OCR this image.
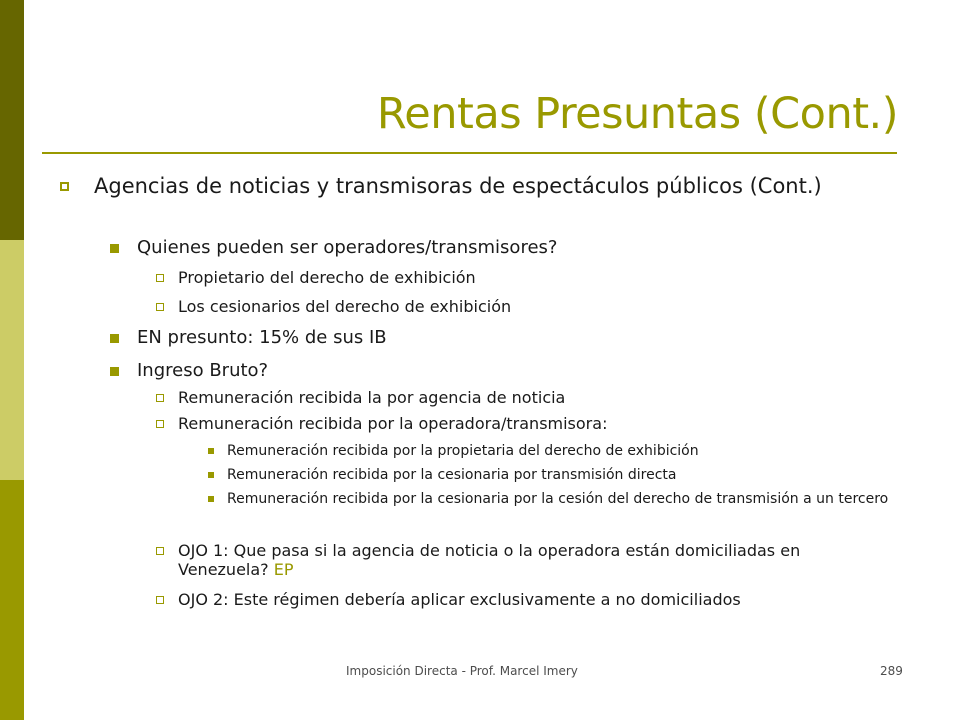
Rentas Presuntas (Cont.)
Agencias de noticias y transmisoras de espectáculos públicos (Cont.)
Quienes pueden ser operadores/transmisores?
Propietario del derecho de exhibición
Los cesionarios del derecho de exhibición
EN presunto: 15% de sus IB
Ingreso Bruto?
Remuneración recibida la por agencia de noticia
Remuneración recibida por la operadora/transmisora:
Remuneración recibida por la propietaria del derecho de exhibición
Remuneración recibida por la cesionaria por transmisión directa
Remuneración recibida por la cesionaria por la cesión del derecho de transmisión a un tercero
OJO 1: Que pasa si la agencia de noticia o la operadora están domiciliadas en Venezuela? EP
OJO 2: Este régimen debería aplicar exclusivamente a no domiciliados
Imposición Directa - Prof. Marcel Imery	289
